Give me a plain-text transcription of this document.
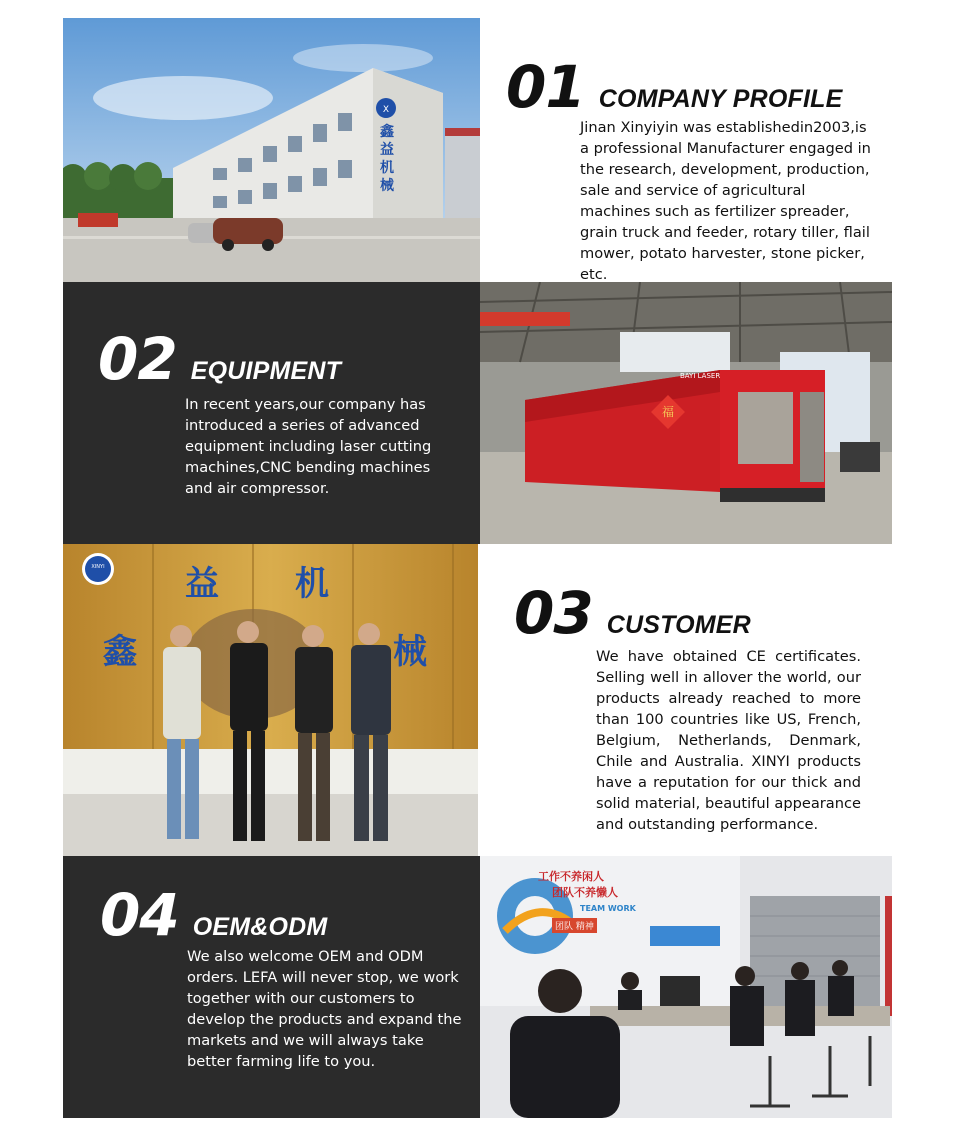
X
鑫益机械
01 COMPANY PROFILE
Jinan Xinyiyin was establishedin2003,is a professional Manufacturer engaged in the research, development, production, sale and service of agricultural machines such as fertilizer spreader, grain truck and feeder, rotary tiller, flail mower, potato harvester, stone picker, etc.
02 EQUIPMENT
In recent years,our company has introduced a series of advanced equipment including laser cutting machines,CNC bending machines and air compressor.
福
BAYI LASER
XINYI
鑫
益 机
械
03 CUSTOMER
We have obtained CE certificates. Selling well in allover the world, our products already reached to more than 100 countries like US, French, Belgium, Netherlands, Denmark, Chile and Australia. XINYI products have a reputation for our thick and solid material, beautiful appearance and outstanding performance.
04 OEM&ODM
We also welcome OEM and ODM orders. LEFA will never stop, we work together with our customers to develop the products and expand the markets and we will always take better farming life to you.
工作不养闲人
团队不养懒人
TEAM WORK
团队 精神
